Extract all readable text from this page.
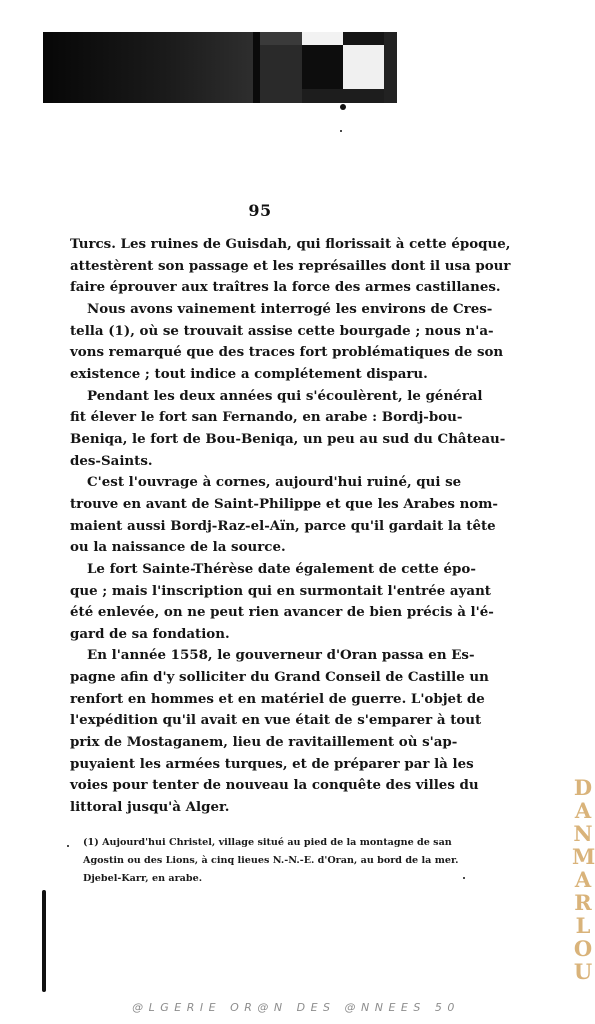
95
Turcs. Les ruines de Guisdah, qui florissait à cette époque,
attestèrent son passage et les représailles dont il usa pour
faire éprouver aux traîtres la force des armes castillanes.
Nous avons vainement interrogé les environs de Cres-
tella (1), où se trouvait assise cette bourgade ; nous n'a-
vons remarqué que des traces fort problématiques de son
existence ; tout indice a complétement disparu.
Pendant les deux années qui s'écoulèrent, le général
fit élever le fort san Fernando, en arabe : Bordj-bou-
Beniqa, le fort de Bou-Beniqa, un peu au sud du Château-
des-Saints.
C'est l'ouvrage à cornes, aujourd'hui ruiné, qui se
trouve en avant de Saint-Philippe et que les Arabes nom-
maient aussi Bordj-Raz-el-Aïn, parce qu'il gardait la tête
ou la naissance de la source.
Le fort Sainte-Thérèse date également de cette épo-
que ; mais l'inscription qui en surmontait l'entrée ayant
été enlevée, on ne peut rien avancer de bien précis à l'é-
gard de sa fondation.
En l'année 1558, le gouverneur d'Oran passa en Es-
pagne afin d'y solliciter du Grand Conseil de Castille un
renfort en hommes et en matériel de guerre. L'objet de
l'expédition qu'il avait en vue était de s'emparer à tout
prix de Mostaganem, lieu de ravitaillement où s'ap-
puyaient les armées turques, et de préparer par là les
voies pour tenter de nouveau la conquête des villes du
littoral jusqu'à Alger.
(1) Aujourd'hui Christel, village situé au pied de la montagne de san
Agostin ou des Lions, à cinq lieues N.-N.-E. d'Oran, au bord de la mer.
Djebel-Karr, en arabe.
D
A
N
M
A
R
L
O
U
@LGERIE OR@N DES @NNEES 50
